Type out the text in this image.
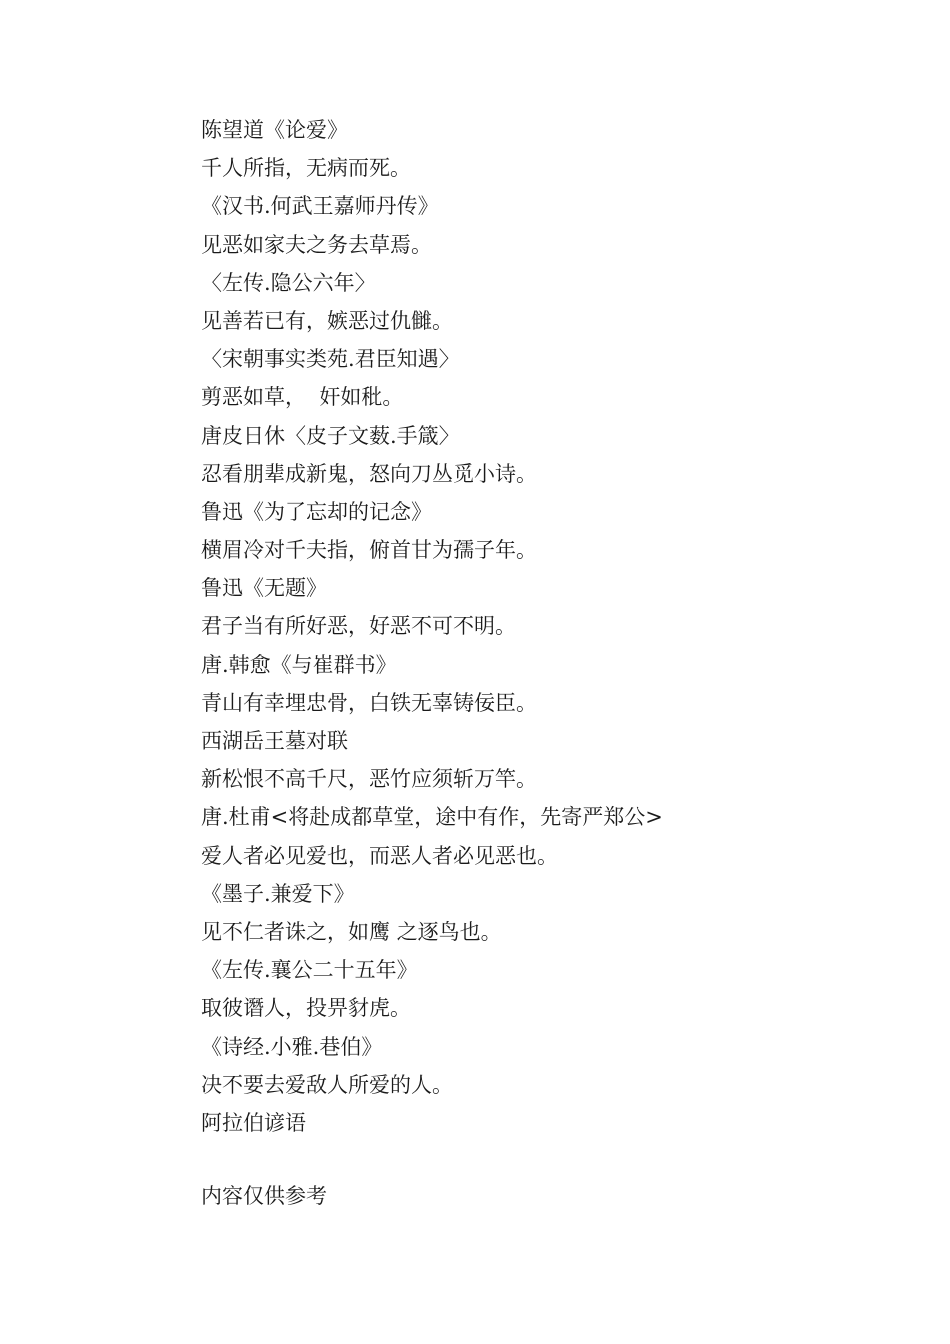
陈望道《论爱》
千人所指，无病而死。
《汉书.何武王嘉师丹传》
见恶如家夫之务去草焉。
〈左传.隐公六年〉
见善若已有，嫉恶过仇雠。
〈宋朝事实类苑.君臣知遇〉
剪恶如草，  奸如秕。
唐皮日休〈皮子文薮.手箴〉
忍看朋辈成新鬼，怒向刀丛觅小诗。
鲁迅《为了忘却的记念》
横眉冷对千夫指，俯首甘为孺子年。
鲁迅《无题》
君子当有所好恶，好恶不可不明。
唐.韩愈《与崔群书》
青山有幸埋忠骨，白铁无辜铸佞臣。
西湖岳王墓对联
新松恨不高千尺，恶竹应须斩万竿。
唐.杜甫<将赴成都草堂，途中有作，先寄严郑公>
爱人者必见爱也，而恶人者必见恶也。
《墨子.兼爱下》
见不仁者诛之，如鹰 之逐鸟也。
《左传.襄公二十五年》
取彼谮人，投畀豺虎。
《诗经.小雅.巷伯》
决不要去爱敌人所爱的人。
阿拉伯谚语
内容仅供参考
